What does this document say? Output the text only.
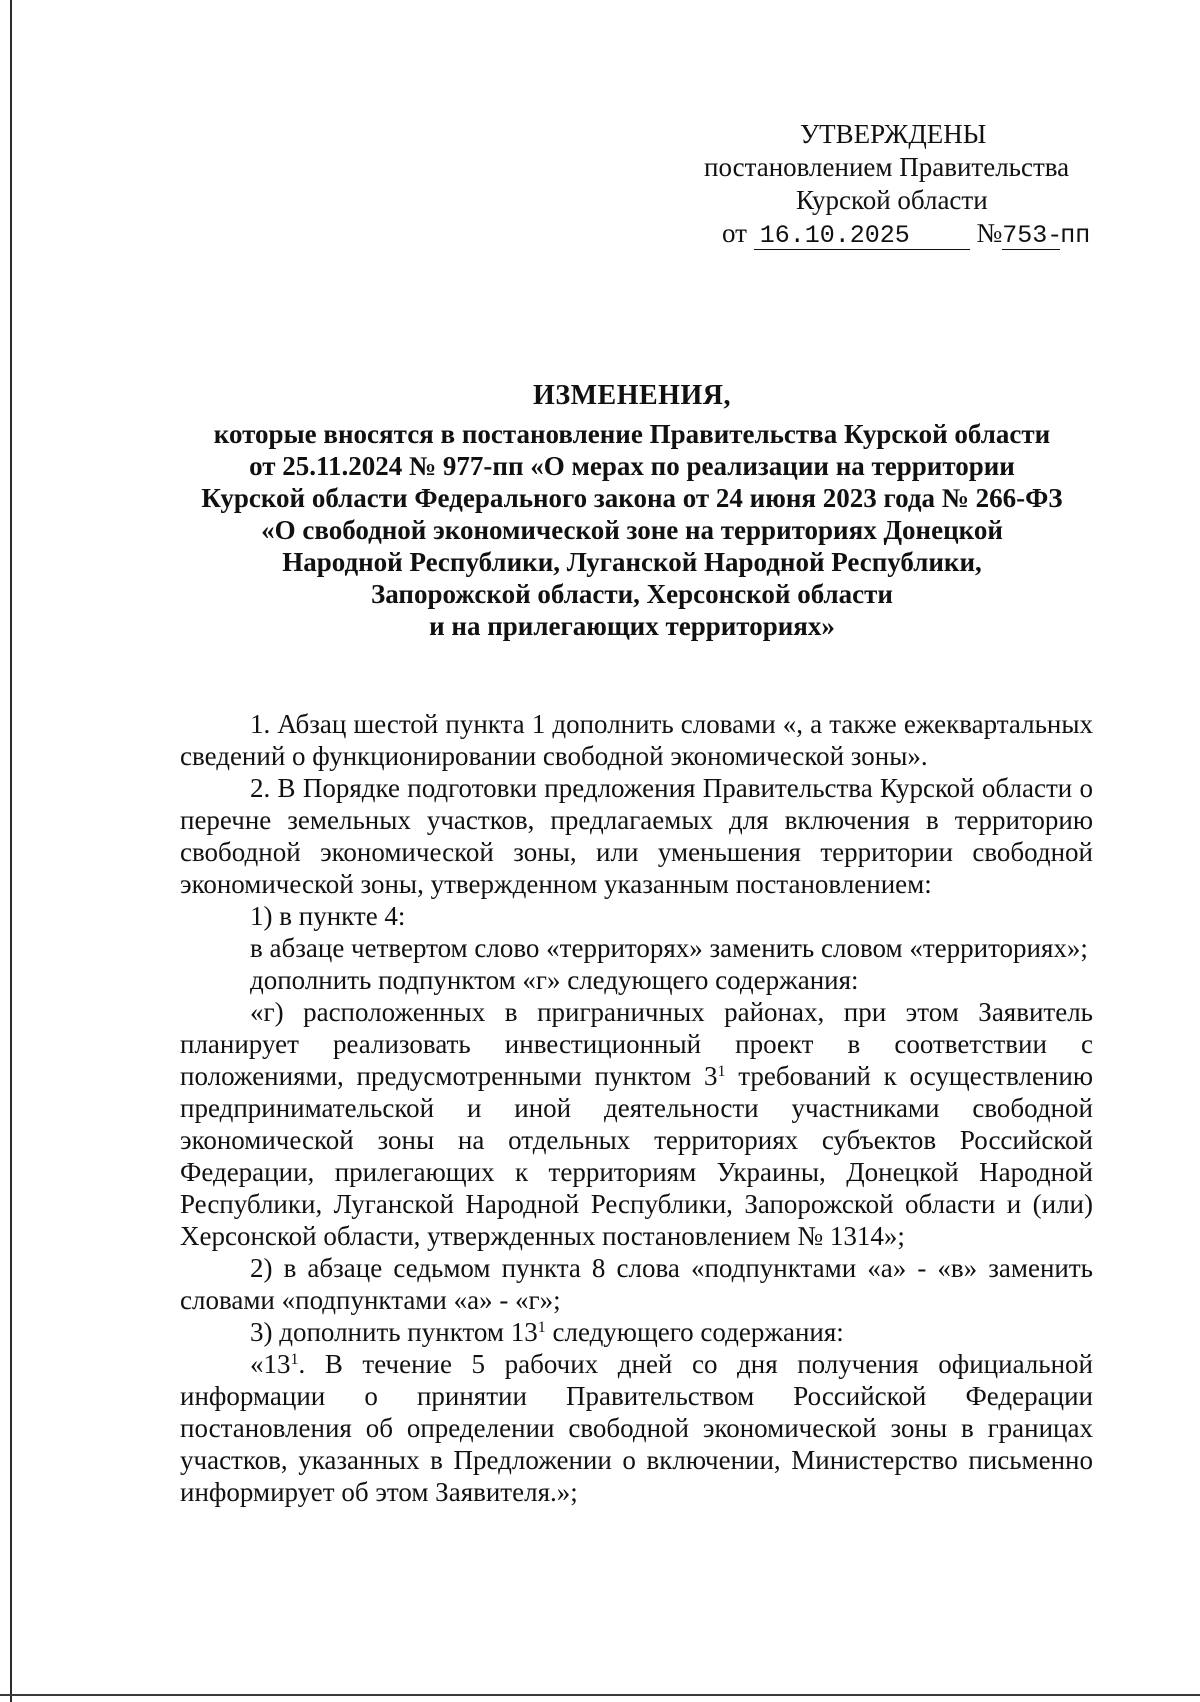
УТВЕРЖДЕНЫ
постановлением Правительства
Курской области
от 16.10.2025 №753-пп
ИЗМЕНЕНИЯ,
которые вносятся в постановление Правительства Курской области
от 25.11.2024 № 977-пп «О мерах по реализации на территории
Курской области Федерального закона от 24 июня 2023 года № 266-ФЗ
«О свободной экономической зоне на территориях Донецкой
Народной Республики, Луганской Народной Республики,
Запорожской области, Херсонской области
и на прилегающих территориях»

1. Абзац шестой пункта 1 дополнить словами «, а также ежеквартальных сведений о функционировании свободной экономической зоны».

2. В Порядке подготовки предложения Правительства Курской области о перечне земельных участков, предлагаемых для включения в территорию свободной экономической зоны, или уменьшения территории свободной экономической зоны, утвержденном указанным постановлением:

1) в пункте 4:

в абзаце четвертом слово «территорях» заменить словом «территориях»;

дополнить подпунктом «г» следующего содержания:

«г) расположенных в приграничных районах, при этом Заявитель планирует реализовать инвестиционный проект в соответствии с положениями, предусмотренными пунктом $3^1$ требований к осуществлению предпринимательской и иной деятельности участниками свободной экономической зоны на отдельных территориях субъектов Российской Федерации, прилегающих к территориям Украины, Донецкой Народной Республики, Луганской Народной Республики, Запорожской области и (или) Херсонской области, утвержденных постановлением № 1314»;

2) в абзаце седьмом пункта 8 слова «подпунктами «а» - «в» заменить словами «подпунктами «а» - «г»;

3) дополнить пунктом $13^1$ следующего содержания:

«$13^1$. В течение 5 рабочих дней со дня получения официальной информации о принятии Правительством Российской Федерации постановления об определении свободной экономической зоны в границах участков, указанных в Предложении о включении, Министерство письменно информирует об этом Заявителя.»;
